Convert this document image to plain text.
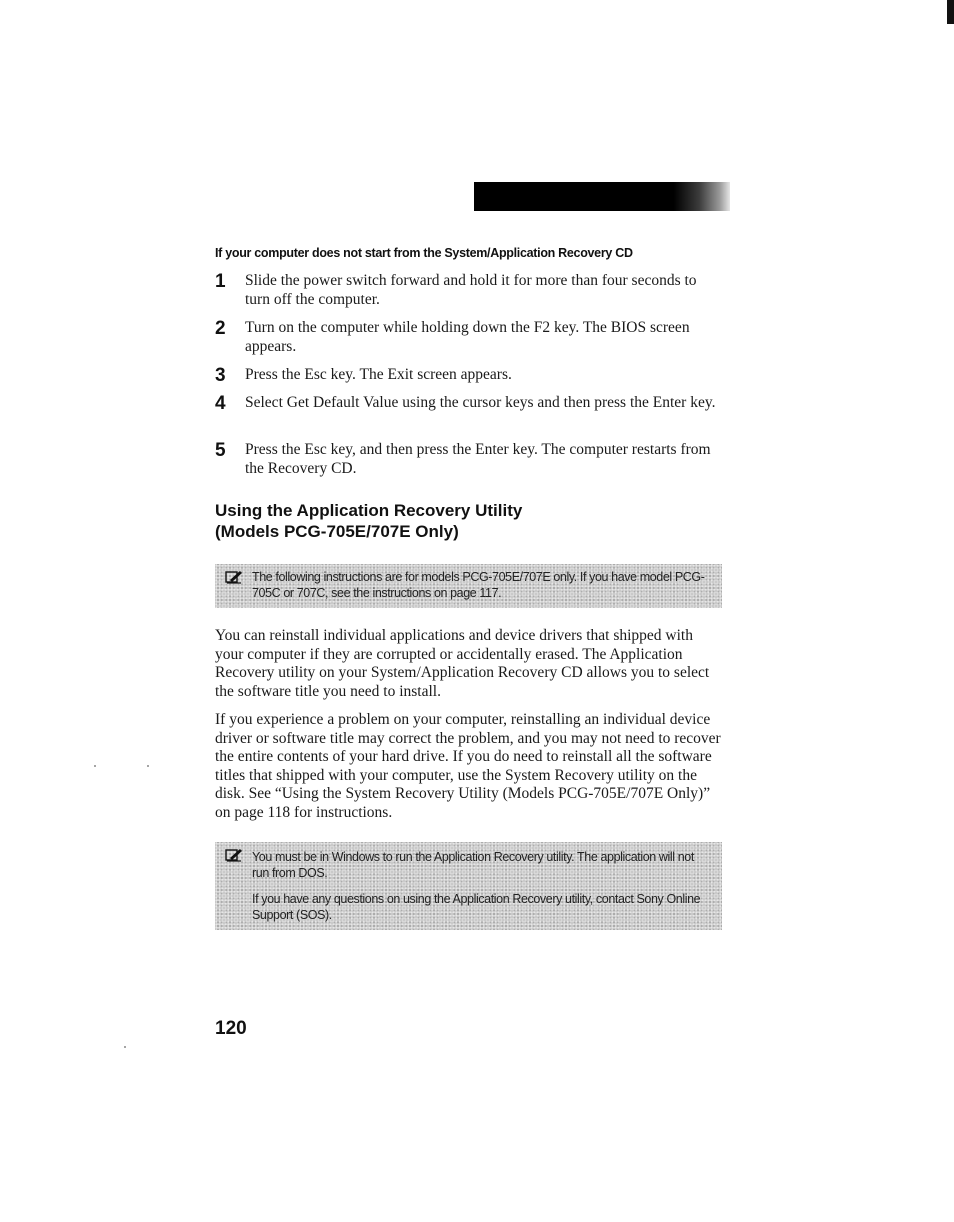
If your computer does not start from the System/Application Recovery CD
1 Slide the power switch forward and hold it for more than four seconds to turn off the computer.
2 Turn on the computer while holding down the F2 key. The BIOS screen appears.
3 Press the Esc key. The Exit screen appears.
4 Select Get Default Value using the cursor keys and then press the Enter key.
5 Press the Esc key, and then press the Enter key. The computer restarts from the Recovery CD.
Using the Application Recovery Utility
(Models PCG-705E/707E Only)
The following instructions are for models PCG-705E/707E only. If you have model PCG-705C or 707C, see the instructions on page 117.
You can reinstall individual applications and device drivers that shipped with your computer if they are corrupted or accidentally erased. The Application Recovery utility on your System/Application Recovery CD allows you to select the software title you need to install.
If you experience a problem on your computer, reinstalling an individual device driver or software title may correct the problem, and you may not need to recover the entire contents of your hard drive. If you do need to reinstall all the software titles that shipped with your computer, use the System Recovery utility on the disk. See “Using the System Recovery Utility (Models PCG-705E/707E Only)” on page 118 for instructions.
You must be in Windows to run the Application Recovery utility. The application will not run from DOS.
If you have any questions on using the Application Recovery utility, contact Sony Online Support (SOS).
120
